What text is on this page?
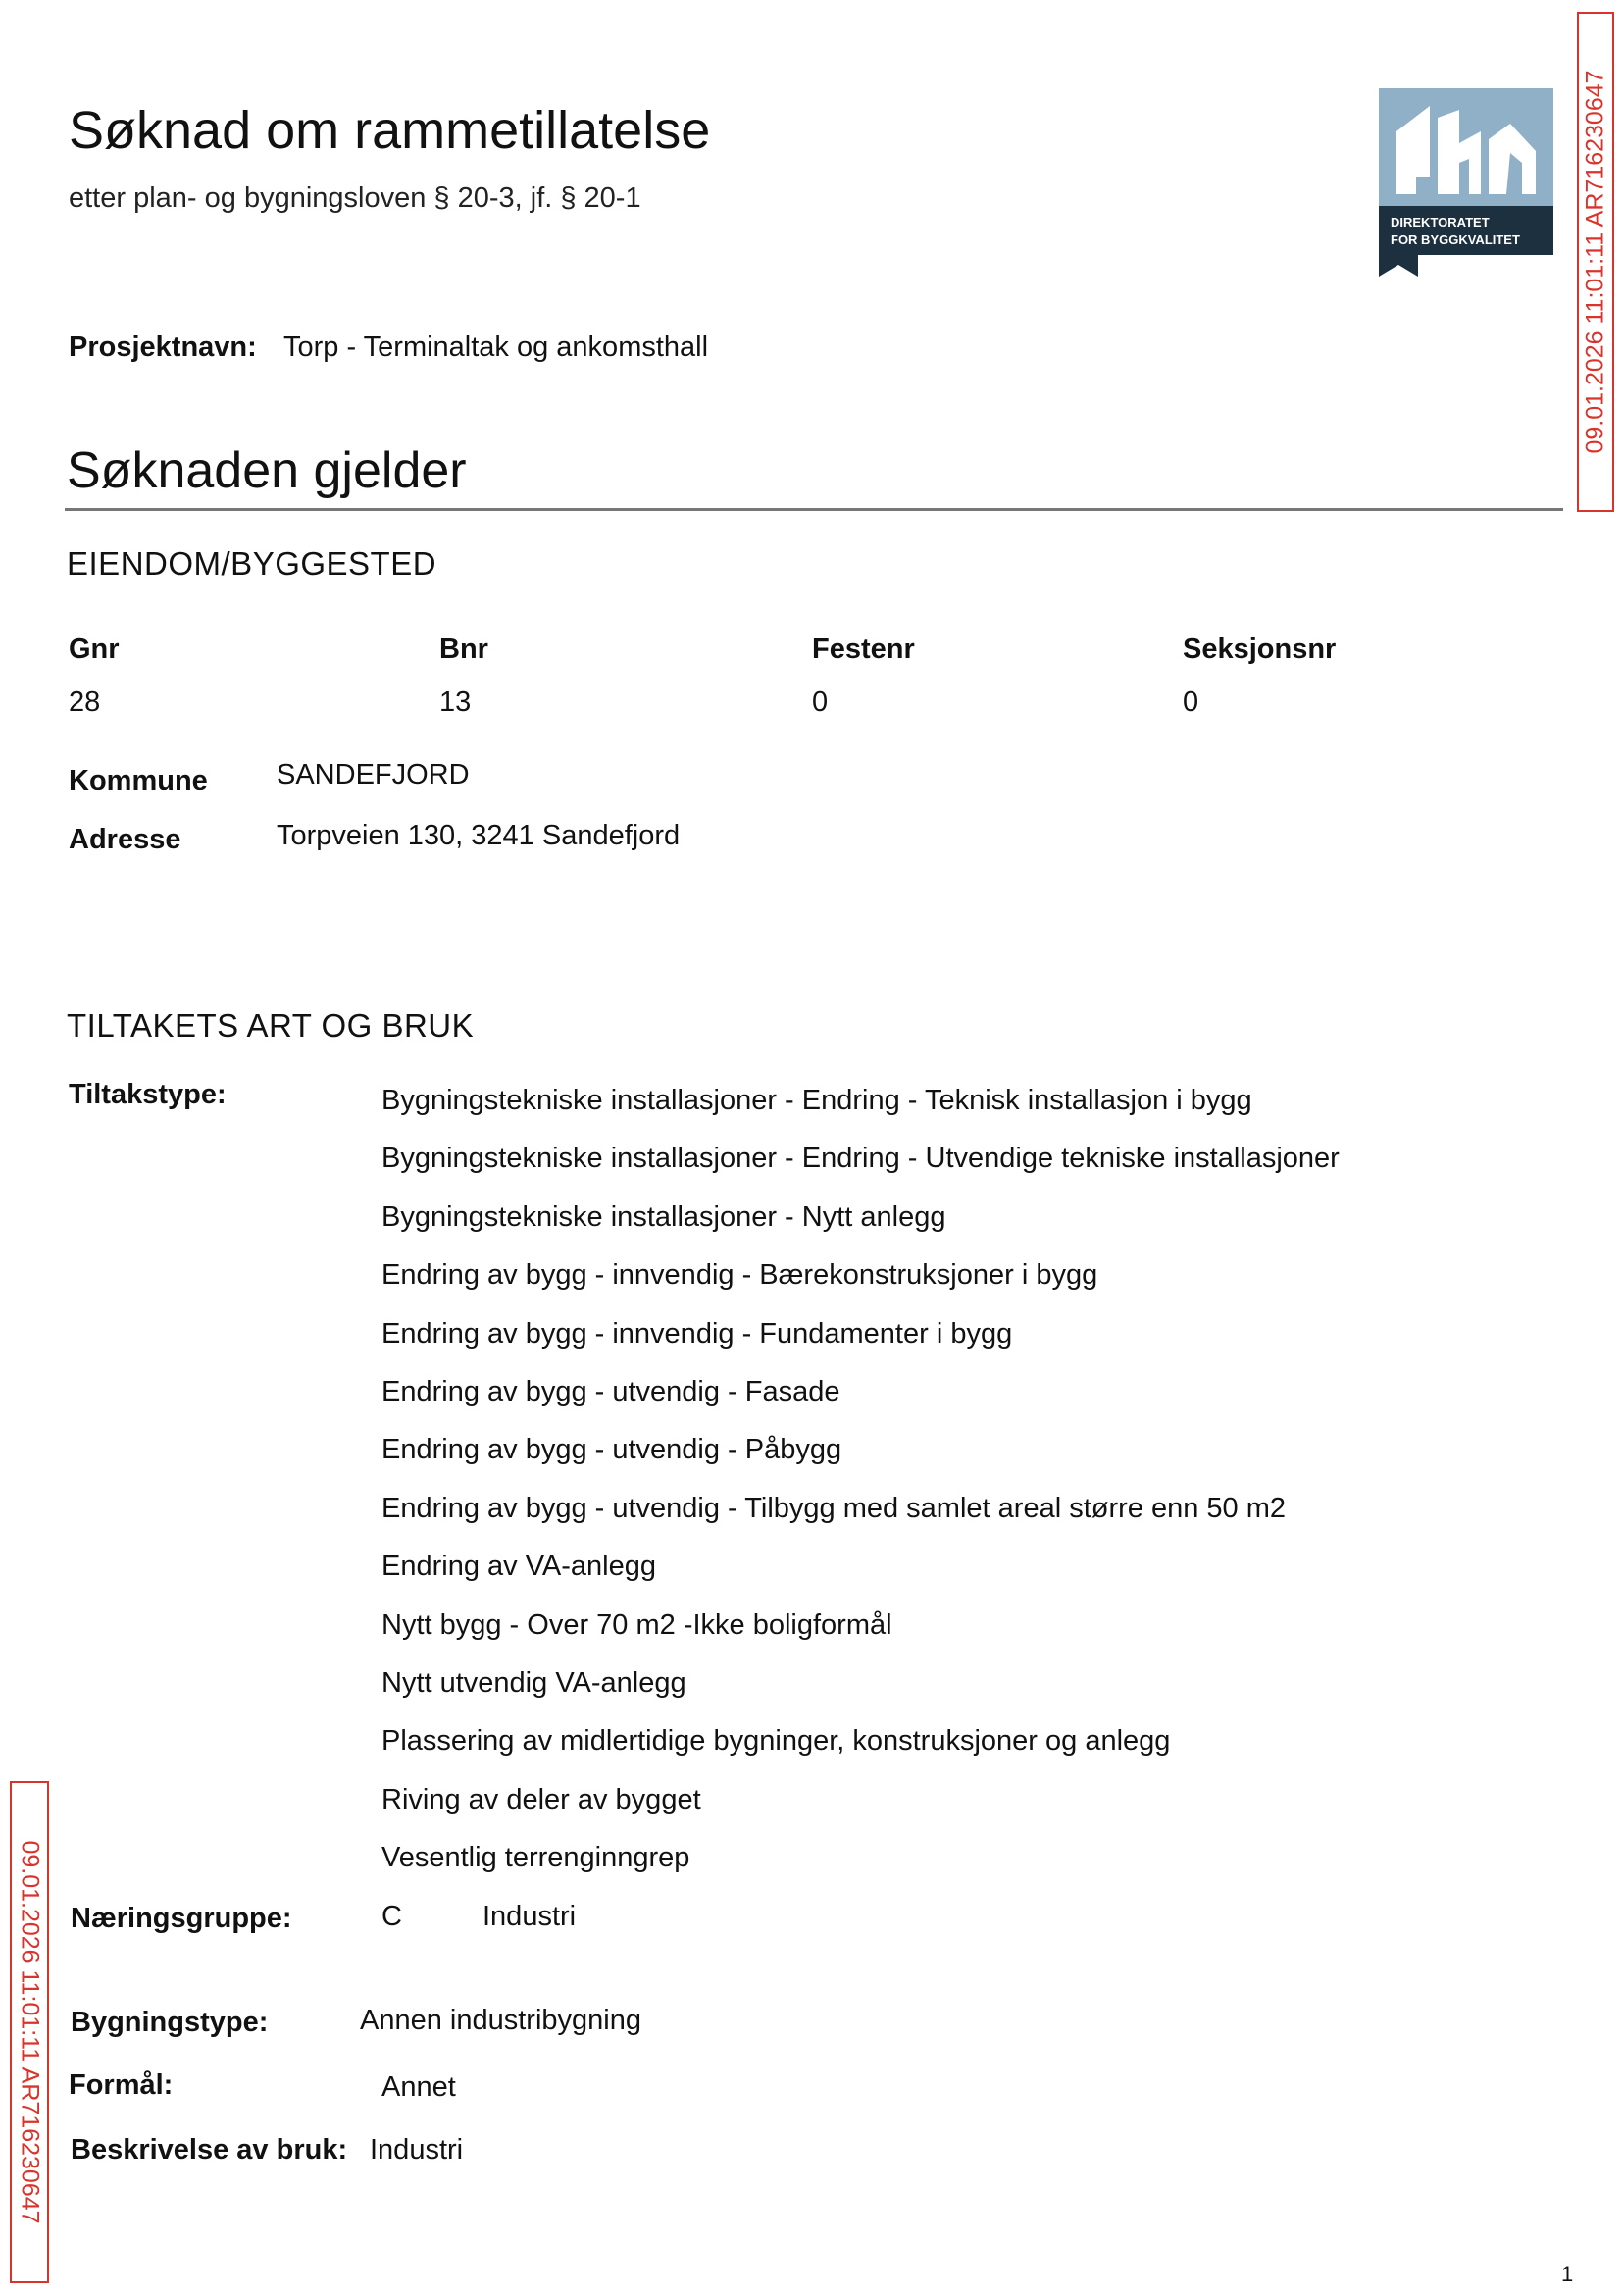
Søknad om rammetillatelse
etter plan- og bygningsloven § 20-3, jf. § 20-1
DIREKTORATET
FOR BYGGKVALITET	09.01.2026 11:01:11 AR716230647
09.01.2026 11:01:11 AR716230647
Prosjektnavn: Torp - Terminaltak og ankomsthall
Søknaden gjelder
EIENDOM/BYGGESTED
Gnr	Bnr	Festenr	Seksjonsnr
28	13	0	0
Kommune SANDEFJORD
Adresse	Torpveien 130, 3241 Sandefjord
TILTAKETS ART OG BRUK
Tiltakstype:	Bygningstekniske installasjoner - Endring - Teknisk installasjon i bygg
Bygningstekniske installasjoner - Endring - Utvendige tekniske installasjoner
Bygningstekniske installasjoner - Nytt anlegg
Endring av bygg - innvendig - Bærekonstruksjoner i bygg
Endring av bygg - innvendig - Fundamenter i bygg
Endring av bygg - utvendig - Fasade
Endring av bygg - utvendig - Påbygg
Endring av bygg - utvendig - Tilbygg med samlet areal større enn 50 m2
Endring av VA-anlegg
Nytt bygg - Over 70 m2 -Ikke boligformål
Nytt utvendig VA-anlegg
Plassering av midlertidige bygninger, konstruksjoner og anlegg
Riving av deler av bygget
Vesentlig terrenginngrep
Næringsgruppe:	C	Industri
Bygningstype:	Annen industribygning
Formål:	Annet
Beskrivelse av bruk: Industri
1
